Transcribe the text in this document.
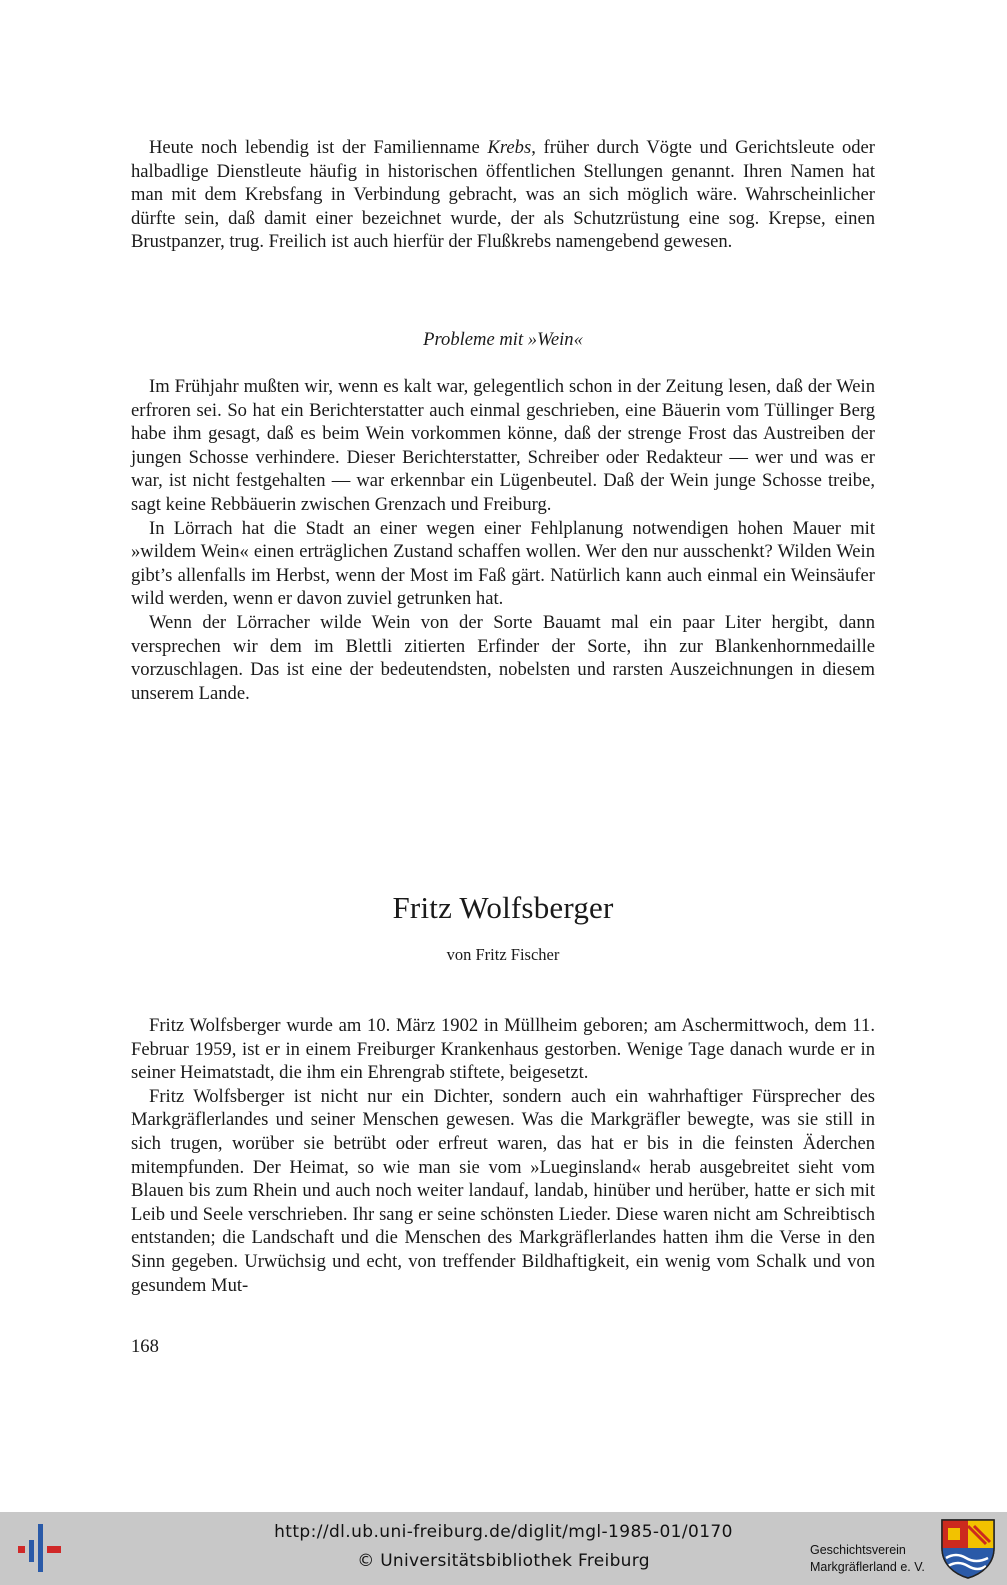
Heute noch lebendig ist der Familienname Krebs, früher durch Vögte und Gerichtsleute oder halbadlige Dienstleute häufig in historischen öffentlichen Stellungen genannt. Ihren Namen hat man mit dem Krebsfang in Verbindung gebracht, was an sich möglich wäre. Wahrscheinlicher dürfte sein, daß damit einer bezeichnet wurde, der als Schutzrüstung eine sog. Krepse, einen Brustpanzer, trug. Freilich ist auch hierfür der Flußkrebs namengebend gewesen.

Probleme mit »Wein«

Im Frühjahr mußten wir, wenn es kalt war, gelegentlich schon in der Zeitung lesen, daß der Wein erfroren sei. So hat ein Berichterstatter auch einmal geschrieben, eine Bäuerin vom Tüllinger Berg habe ihm gesagt, daß es beim Wein vorkommen könne, daß der strenge Frost das Austreiben der jungen Schosse verhindere. Dieser Berichterstatter, Schreiber oder Redakteur — wer und was er war, ist nicht festgehalten — war erkennbar ein Lügenbeutel. Daß der Wein junge Schosse treibe, sagt keine Rebbäuerin zwischen Grenzach und Freiburg.

In Lörrach hat die Stadt an einer wegen einer Fehlplanung notwendigen hohen Mauer mit »wildem Wein« einen erträglichen Zustand schaffen wollen. Wer den nur ausschenkt? Wilden Wein gibt’s allenfalls im Herbst, wenn der Most im Faß gärt. Natürlich kann auch einmal ein Weinsäufer wild werden, wenn er davon zuviel getrunken hat.

Wenn der Lörracher wilde Wein von der Sorte Bauamt mal ein paar Liter hergibt, dann versprechen wir dem im Blettli zitierten Erfinder der Sorte, ihn zur Blankenhornmedaille vorzuschlagen. Das ist eine der bedeutendsten, nobelsten und rarsten Auszeichnungen in diesem unserem Lande.

Fritz Wolfsberger
von Fritz Fischer

Fritz Wolfsberger wurde am 10. März 1902 in Müllheim geboren; am Aschermittwoch, dem 11. Februar 1959, ist er in einem Freiburger Krankenhaus gestorben. Wenige Tage danach wurde er in seiner Heimatstadt, die ihm ein Ehrengrab stiftete, beigesetzt.

Fritz Wolfsberger ist nicht nur ein Dichter, sondern auch ein wahrhaftiger Fürsprecher des Markgräflerlandes und seiner Menschen gewesen. Was die Markgräfler bewegte, was sie still in sich trugen, worüber sie betrübt oder erfreut waren, das hat er bis in die feinsten Äderchen mitempfunden. Der Heimat, so wie man sie vom »Lueginsland« herab ausgebreitet sieht vom Blauen bis zum Rhein und auch noch weiter landauf, landab, hinüber und herüber, hatte er sich mit Leib und Seele verschrieben. Ihr sang er seine schönsten Lieder. Diese waren nicht am Schreibtisch entstanden; die Landschaft und die Menschen des Markgräflerlandes hatten ihm die Verse in den Sinn gegeben. Urwüchsig und echt, von treffender Bildhaftigkeit, ein wenig vom Schalk und von gesundem Mut-

168
http://dl.ub.uni-freiburg.de/diglit/mgl-1985-01/0170
© Universitätsbibliothek Freiburg
Geschichtsverein
Markgräflerland e. V.
